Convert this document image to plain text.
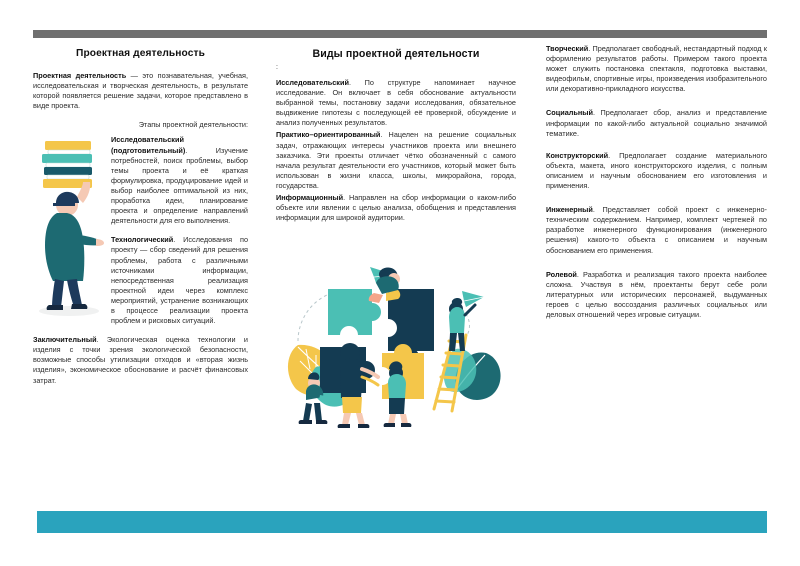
Проектная деятельность

Проектная деятельность — это познавательная, учебная, исследовательская и творческая деятельность, в результате которой появляется решение задачи, которое представлено в виде проекта.

Этапы проектной деятельности:

Исследовательский (подготовительный). Изучение потребностей, поиск проблемы, выбор темы проекта и её краткая формулировка, продуцирование идей и выбор наиболее оптимальной из них, проработка идеи, планирование проекта и определение направлений деятельности для его выполнения.

Технологический. Исследования по проекту — сбор сведений для решения проблемы, работа с различными источниками информации, непосредственная реализация проектной идеи через комплекс мероприятий, устранение возникающих в процессе реализации проекта проблем и рисковых ситуаций.

Заключительный. Экологическая оценка технологии и изделия с точки зрения экологической безопасности, возможные способы утилизации отходов и «вторая жизнь изделия», экономическое обоснование и расчёт финансовых затрат.

Виды проектной деятельности
:

Исследовательский. По структуре напоминает научное исследование. Он включает в себя обоснование актуальности выбранной темы, постановку задачи исследования, обязательное выдвижение гипотезы с последующей её проверкой, обсуждение и анализ полученных результатов.

Практико–ориентированный. Нацелен на решение социальных задач, отражающих интересы участников проекта или внешнего заказчика. Эти проекты отличает чётко обозначенный с самого начала результат деятельности его участников, который может быть использован в жизни класса, школы, микрорайона, города, государства.

Информационный. Направлен на сбор информации о каком-либо объекте или явлении с целью анализа, обобщения и представления информации для широкой аудитории.

Творческий. Предполагает свободный, нестандартный подход к оформлению результатов работы. Примером такого проекта может служить постановка спектакля, подготовка выставки, видеофильм, спортивные игры, произведения изобразительного или декоративно-прикладного искусства.

Социальный. Предполагает сбор, анализ и представление информации по какой-либо актуальной социально значимой тематике.

Конструкторский. Предполагает создание материального объекта, макета, иного конструкторского изделия, с полным описанием и научным обоснованием его изготовления и применения.

Инженерный. Представляет собой проект с инженерно-техническим содержанием. Например, комплект чертежей по разработке инженерного функционирования (инженерного решения) какого-то объекта с описанием и научным обоснованием его применения.

Ролевой. Разработка и реализация такого проекта наиболее сложна. Участвуя в нём, проектанты берут себе роли литературных или исторических персонажей, выдуманных героев с целью воссоздания различных социальных или деловых отношений через игровые ситуации.
